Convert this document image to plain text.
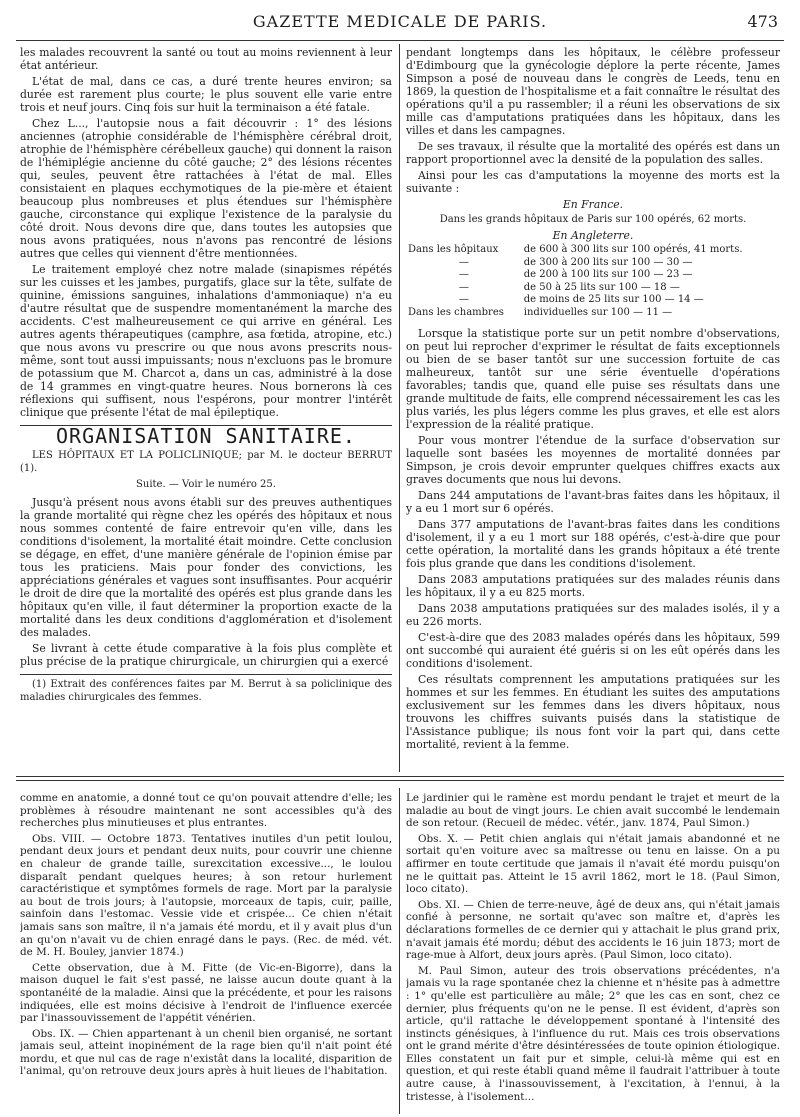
GAZETTE MEDICALE DE PARIS.	473

les malades recouvrent la santé ou tout au moins reviennent à leur état antérieur.

L'état de mal, dans ce cas, a duré trente heures environ; sa durée est rarement plus courte; le plus souvent elle varie entre trois et neuf jours. Cinq fois sur huit la terminaison a été fatale.

Chez L..., l'autopsie nous a fait découvrir : 1° des lésions anciennes (atrophie considérable de l'hémisphère cérébral droit, atrophie de l'hémisphère cérébelleux gauche) qui donnent la raison de l'hémiplégie ancienne du côté gauche; 2° des lésions récentes qui, seules, peuvent être rattachées à l'état de mal. Elles consistaient en plaques ecchymotiques de la pie-mère et étaient beaucoup plus nombreuses et plus étendues sur l'hémisphère gauche, circonstance qui explique l'existence de la paralysie du côté droit. Nous devons dire que, dans toutes les autopsies que nous avons pratiquées, nous n'avons pas rencontré de lésions autres que celles qui viennent d'être mentionnées.

Le traitement employé chez notre malade (sinapismes répétés sur les cuisses et les jambes, purgatifs, glace sur la tête, sulfate de quinine, émissions sanguines, inhalations d'ammoniaque) n'a eu d'autre résultat que de suspendre momentanément la marche des accidents. C'est malheureusement ce qui arrive en général. Les autres agents thérapeutiques (camphre, asa fœtida, atropine, etc.) que nous avons vu prescrire ou que nous avons prescrits nous-même, sont tout aussi impuissants; nous n'excluons pas le bromure de potassium que M. Charcot a, dans un cas, administré à la dose de 14 grammes en vingt-quatre heures. Nous bornerons là ces réflexions qui suffisent, nous l'espérons, pour montrer l'intérêt clinique que présente l'état de mal épileptique.

ORGANISATION SANITAIRE.

LES HÔPITAUX ET LA POLICLINIQUE; par M. le docteur BERRUT (1).

Suite. — Voir le numéro 25.

Jusqu'à présent nous avons établi sur des preuves authentiques la grande mortalité qui règne chez les opérés des hôpitaux et nous nous sommes contenté de faire entrevoir qu'en ville, dans les conditions d'isolement, la mortalité était moindre. Cette conclusion se dégage, en effet, d'une manière générale de l'opinion émise par tous les praticiens. Mais pour fonder des convictions, les appréciations générales et vagues sont insuffisantes. Pour acquérir le droit de dire que la mortalité des opérés est plus grande dans les hôpitaux qu'en ville, il faut déterminer la proportion exacte de la mortalité dans les deux conditions d'agglomération et d'isolement des malades.

Se livrant à cette étude comparative à la fois plus complète et plus précise de la pratique chirurgicale, un chirurgien qui a exercé

(1) Extrait des conférences faites par M. Berrut à sa policlinique des maladies chirurgicales des femmes.

pendant longtemps dans les hôpitaux, le célèbre professeur d'Edimbourg que la gynécologie déplore la perte récente, James Simpson a posé de nouveau dans le congrès de Leeds, tenu en 1869, la question de l'hospitalisme et a fait connaître le résultat des opérations qu'il a pu rassembler; il a réuni les observations de six mille cas d'amputations pratiquées dans les hôpitaux, dans les villes et dans les campagnes.

De ses travaux, il résulte que la mortalité des opérés est dans un rapport proportionnel avec la densité de la population des salles.

Ainsi pour les cas d'amputations la moyenne des morts est la suivante :

En France.

Dans les grands hôpitaux de Paris sur 100 opérés, 62 morts.

En Angleterre.
Dans les hôpitaux	de 600 à 300 lits sur 100 opérés, 41 morts.
—	de 300 à 200 lits sur 100 — 30 —
—	de 200 à 100 lits sur 100 — 23 —
—	de 50 à 25 lits sur 100 — 18 —
—	de moins de 25 lits sur 100 — 14 —
Dans les chambres	individuelles sur 100 — 11 —

Lorsque la statistique porte sur un petit nombre d'observations, on peut lui reprocher d'exprimer le résultat de faits exceptionnels ou bien de se baser tantôt sur une succession fortuite de cas malheureux, tantôt sur une série éventuelle d'opérations favorables; tandis que, quand elle puise ses résultats dans une grande multitude de faits, elle comprend nécessairement les cas les plus variés, les plus légers comme les plus graves, et elle est alors l'expression de la réalité pratique.

Pour vous montrer l'étendue de la surface d'observation sur laquelle sont basées les moyennes de mortalité données par Simpson, je crois devoir emprunter quelques chiffres exacts aux graves documents que nous lui devons.

Dans 244 amputations de l'avant-bras faites dans les hôpitaux, il y a eu 1 mort sur 6 opérés.

Dans 377 amputations de l'avant-bras faites dans les conditions d'isolement, il y a eu 1 mort sur 188 opérés, c'est-à-dire que pour cette opération, la mortalité dans les grands hôpitaux a été trente fois plus grande que dans les conditions d'isolement.

Dans 2083 amputations pratiquées sur des malades réunis dans les hôpitaux, il y a eu 825 morts.

Dans 2038 amputations pratiquées sur des malades isolés, il y a eu 226 morts.

C'est-à-dire que des 2083 malades opérés dans les hôpitaux, 599 ont succombé qui auraient été guéris si on les eût opérés dans les conditions d'isolement.

Ces résultats comprennent les amputations pratiquées sur les hommes et sur les femmes. En étudiant les suites des amputations exclusivement sur les femmes dans les divers hôpitaux, nous trouvons les chiffres suivants puisés dans la statistique de l'Assistance publique; ils nous font voir la part qui, dans cette mortalité, revient à la femme.

comme en anatomie, a donné tout ce qu'on pouvait attendre d'elle; les problèmes à résoudre maintenant ne sont accessibles qu'à des recherches plus minutieuses et plus entrantes.

Obs. VIII. — Octobre 1873. Tentatives inutiles d'un petit loulou, pendant deux jours et pendant deux nuits, pour couvrir une chienne en chaleur de grande taille, surexcitation excessive..., le loulou disparaît pendant quelques heures; à son retour hurlement caractéristique et symptômes formels de rage. Mort par la paralysie au bout de trois jours; à l'autopsie, morceaux de tapis, cuir, paille, sainfoin dans l'estomac. Vessie vide et crispée... Ce chien n'était jamais sans son maître, il n'a jamais été mordu, et il y avait plus d'un an qu'on n'avait vu de chien enragé dans le pays. (Rec. de méd. vét. de M. H. Bouley, janvier 1874.)

Cette observation, due à M. Fitte (de Vic-en-Bigorre), dans la maison duquel le fait s'est passé, ne laisse aucun doute quant à la spontanéité de la maladie. Ainsi que la précédente, et pour les raisons indiquées, elle est moins décisive à l'endroit de l'influence exercée par l'inassouvissement de l'appétit vénérien.

Obs. IX. — Chien appartenant à un chenil bien organisé, ne sortant jamais seul, atteint inopinément de la rage bien qu'il n'ait point été mordu, et que nul cas de rage n'existât dans la localité, disparition de l'animal, qu'on retrouve deux jours après à huit lieues de l'habitation.

Le jardinier qui le ramène est mordu pendant le trajet et meurt de la maladie au bout de vingt jours. Le chien avait succombé le lendemain de son retour. (Recueil de médec. vétér., janv. 1874, Paul Simon.)

Obs. X. — Petit chien anglais qui n'était jamais abandonné et ne sortait qu'en voiture avec sa maîtresse ou tenu en laisse. On a pu affirmer en toute certitude que jamais il n'avait été mordu puisqu'on ne le quittait pas. Atteint le 15 avril 1862, mort le 18. (Paul Simon, loco citato).

Obs. XI. — Chien de terre-neuve, âgé de deux ans, qui n'était jamais confié à personne, ne sortait qu'avec son maître et, d'après les déclarations formelles de ce dernier qui y attachait le plus grand prix, n'avait jamais été mordu; début des accidents le 16 juin 1873; mort de rage-mue à Alfort, deux jours après. (Paul Simon, loco citato).

M. Paul Simon, auteur des trois observations précédentes, n'a jamais vu la rage spontanée chez la chienne et n'hésite pas à admettre : 1° qu'elle est particulière au mâle; 2° que les cas en sont, chez ce dernier, plus fréquents qu'on ne le pense. Il est évident, d'après son article, qu'il rattache le développement spontané à l'intensité des instincts génésiques, à l'influence du rut. Mais ces trois observations ont le grand mérite d'être désintéressées de toute opinion étiologique. Elles constatent un fait pur et simple, celui-là même qui est en question, et qui reste établi quand même il faudrait l'attribuer à toute autre cause, à l'inassouvissement, à l'excitation, à l'ennui, à la tristesse, à l'isolement...
